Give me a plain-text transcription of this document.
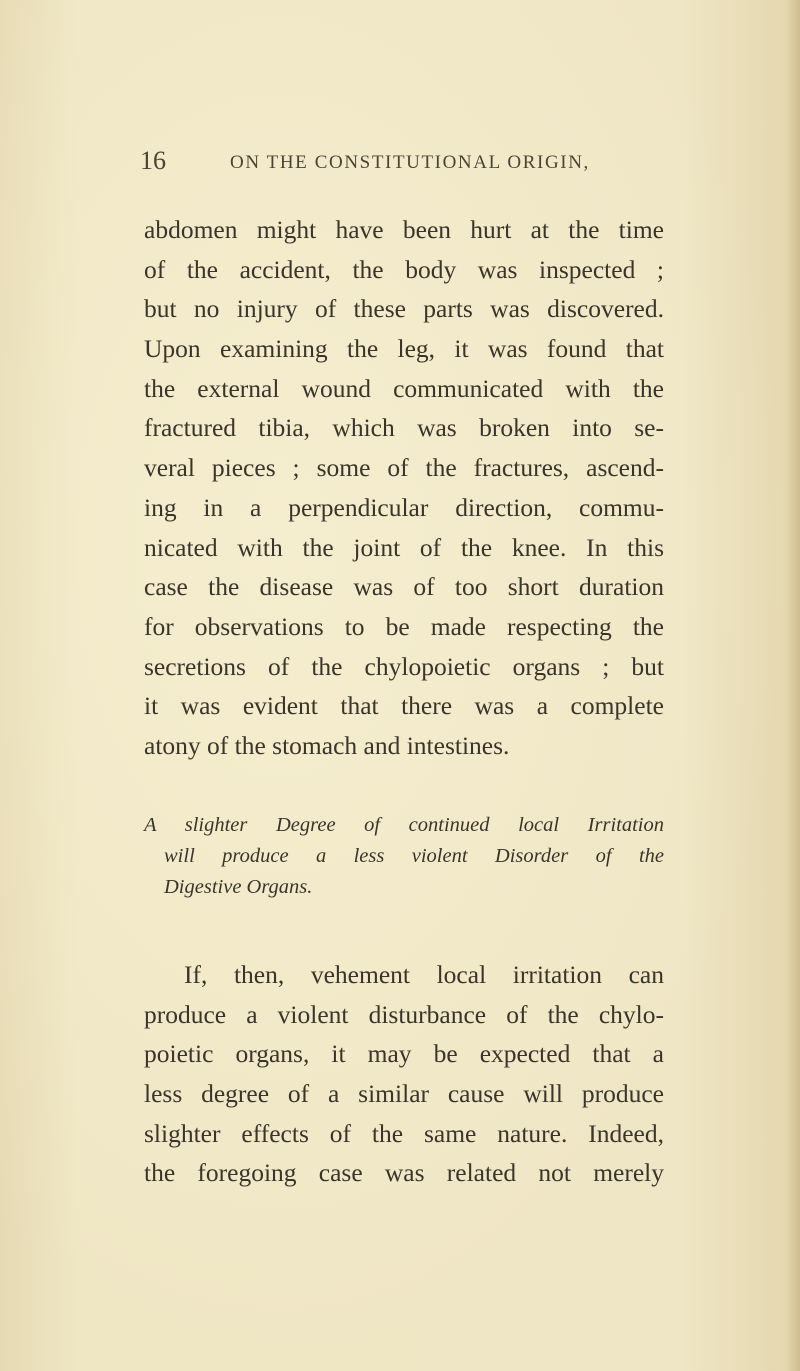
16	ON THE CONSTITUTIONAL ORIGIN,
abdomen might have been hurt at the time
of the accident, the body was inspected ;
but no injury of these parts was discovered.
Upon examining the leg, it was found that
the external wound communicated with the
fractured tibia, which was broken into se-
veral pieces ; some of the fractures, ascend-
ing in a perpendicular direction, commu-
nicated with the joint of the knee. In this
case the disease was of too short duration
for observations to be made respecting the
secretions of the chylopoietic organs ; but
it was evident that there was a complete
atony of the stomach and intestines.
A slighter Degree of continued local Irritation
will produce a less violent Disorder of the
Digestive Organs.
If, then, vehement local irritation can
produce a violent disturbance of the chylo-
poietic organs, it may be expected that a
less degree of a similar cause will produce
slighter effects of the same nature. Indeed,
the foregoing case was related not merely
